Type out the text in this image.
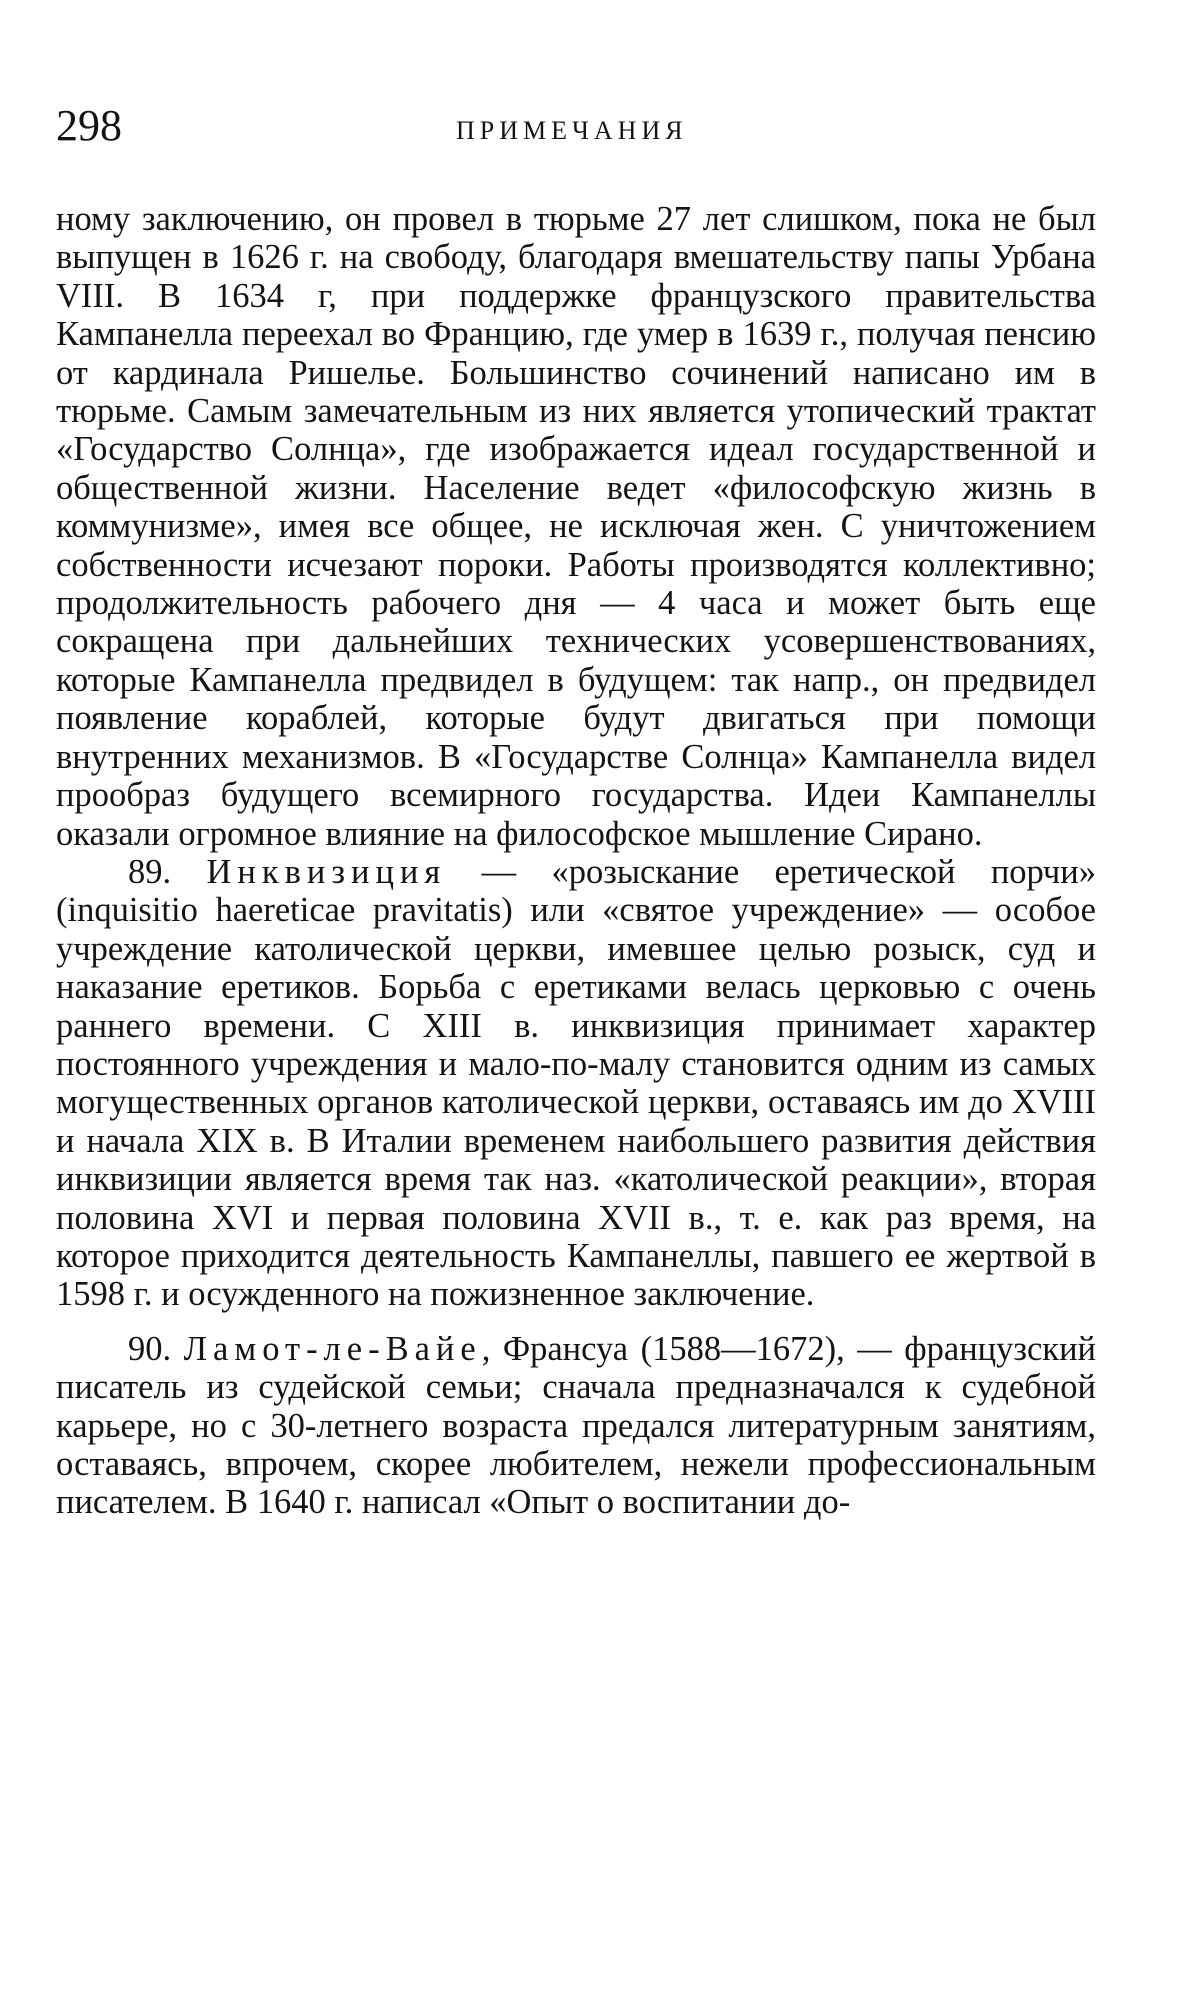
298	ПРИМЕЧАНИЯ

ному заключению, он провел в тюрьме 27 лет слишком, пока не был выпущен в 1626 г. на свободу, благодаря вмешательству папы Урбана VIII. В 1634 г, при поддержке французского правительства Кампанелла переехал во Францию, где умер в 1639 г., получая пенсию от кардинала Ришелье. Большинство сочинений написано им в тюрьме. Самым замечательным из них является утопический трактат «Государство Солнца», где изображается идеал государственной и общественной жизни. Население ведет «философскую жизнь в коммунизме», имея все общее, не исключая жен. С уничтожением собственности исчезают пороки. Работы производятся коллективно; продолжительность рабочего дня — 4 часа и может быть еще сокращена при дальнейших технических усовершенствованиях, которые Кампанелла предвидел в будущем: так напр., он предвидел появление кораблей, которые будут двигаться при помощи внутренних механизмов. В «Государстве Солнца» Кампанелла видел прообраз будущего всемирного государства. Идеи Кампанеллы оказали огромное влияние на философское мышление Сирано.

89. Инквизиция — «розыскание еретической порчи» (inquisitio haereticae pravitatis) или «святое учреждение» — особое учреждение католической церкви, имевшее целью розыск, суд и наказание еретиков. Борьба с еретиками велась церковью с очень раннего времени. С XIII в. инквизиция принимает характер постоянного учреждения и мало-по-малу становится одним из самых могущественных органов католической церкви, оставаясь им до XVIII и начала XIX в. В Италии временем наибольшего развития действия инквизиции является время так наз. «католической реакции», вторая половина XVI и первая половина XVII в., т. е. как раз время, на которое приходится деятельность Кампанеллы, павшего ее жертвой в 1598 г. и осужденного на пожизненное заключение.

90. Ламот-ле-Вайе, Франсуа (1588—1672), — французский писатель из судейской семьи; сначала предназначался к судебной карьере, но с 30-летнего возраста предался литературным занятиям, оставаясь, впрочем, скорее любителем, нежели профессиональным писателем. В 1640 г. написал «Опыт о воспитании до-
